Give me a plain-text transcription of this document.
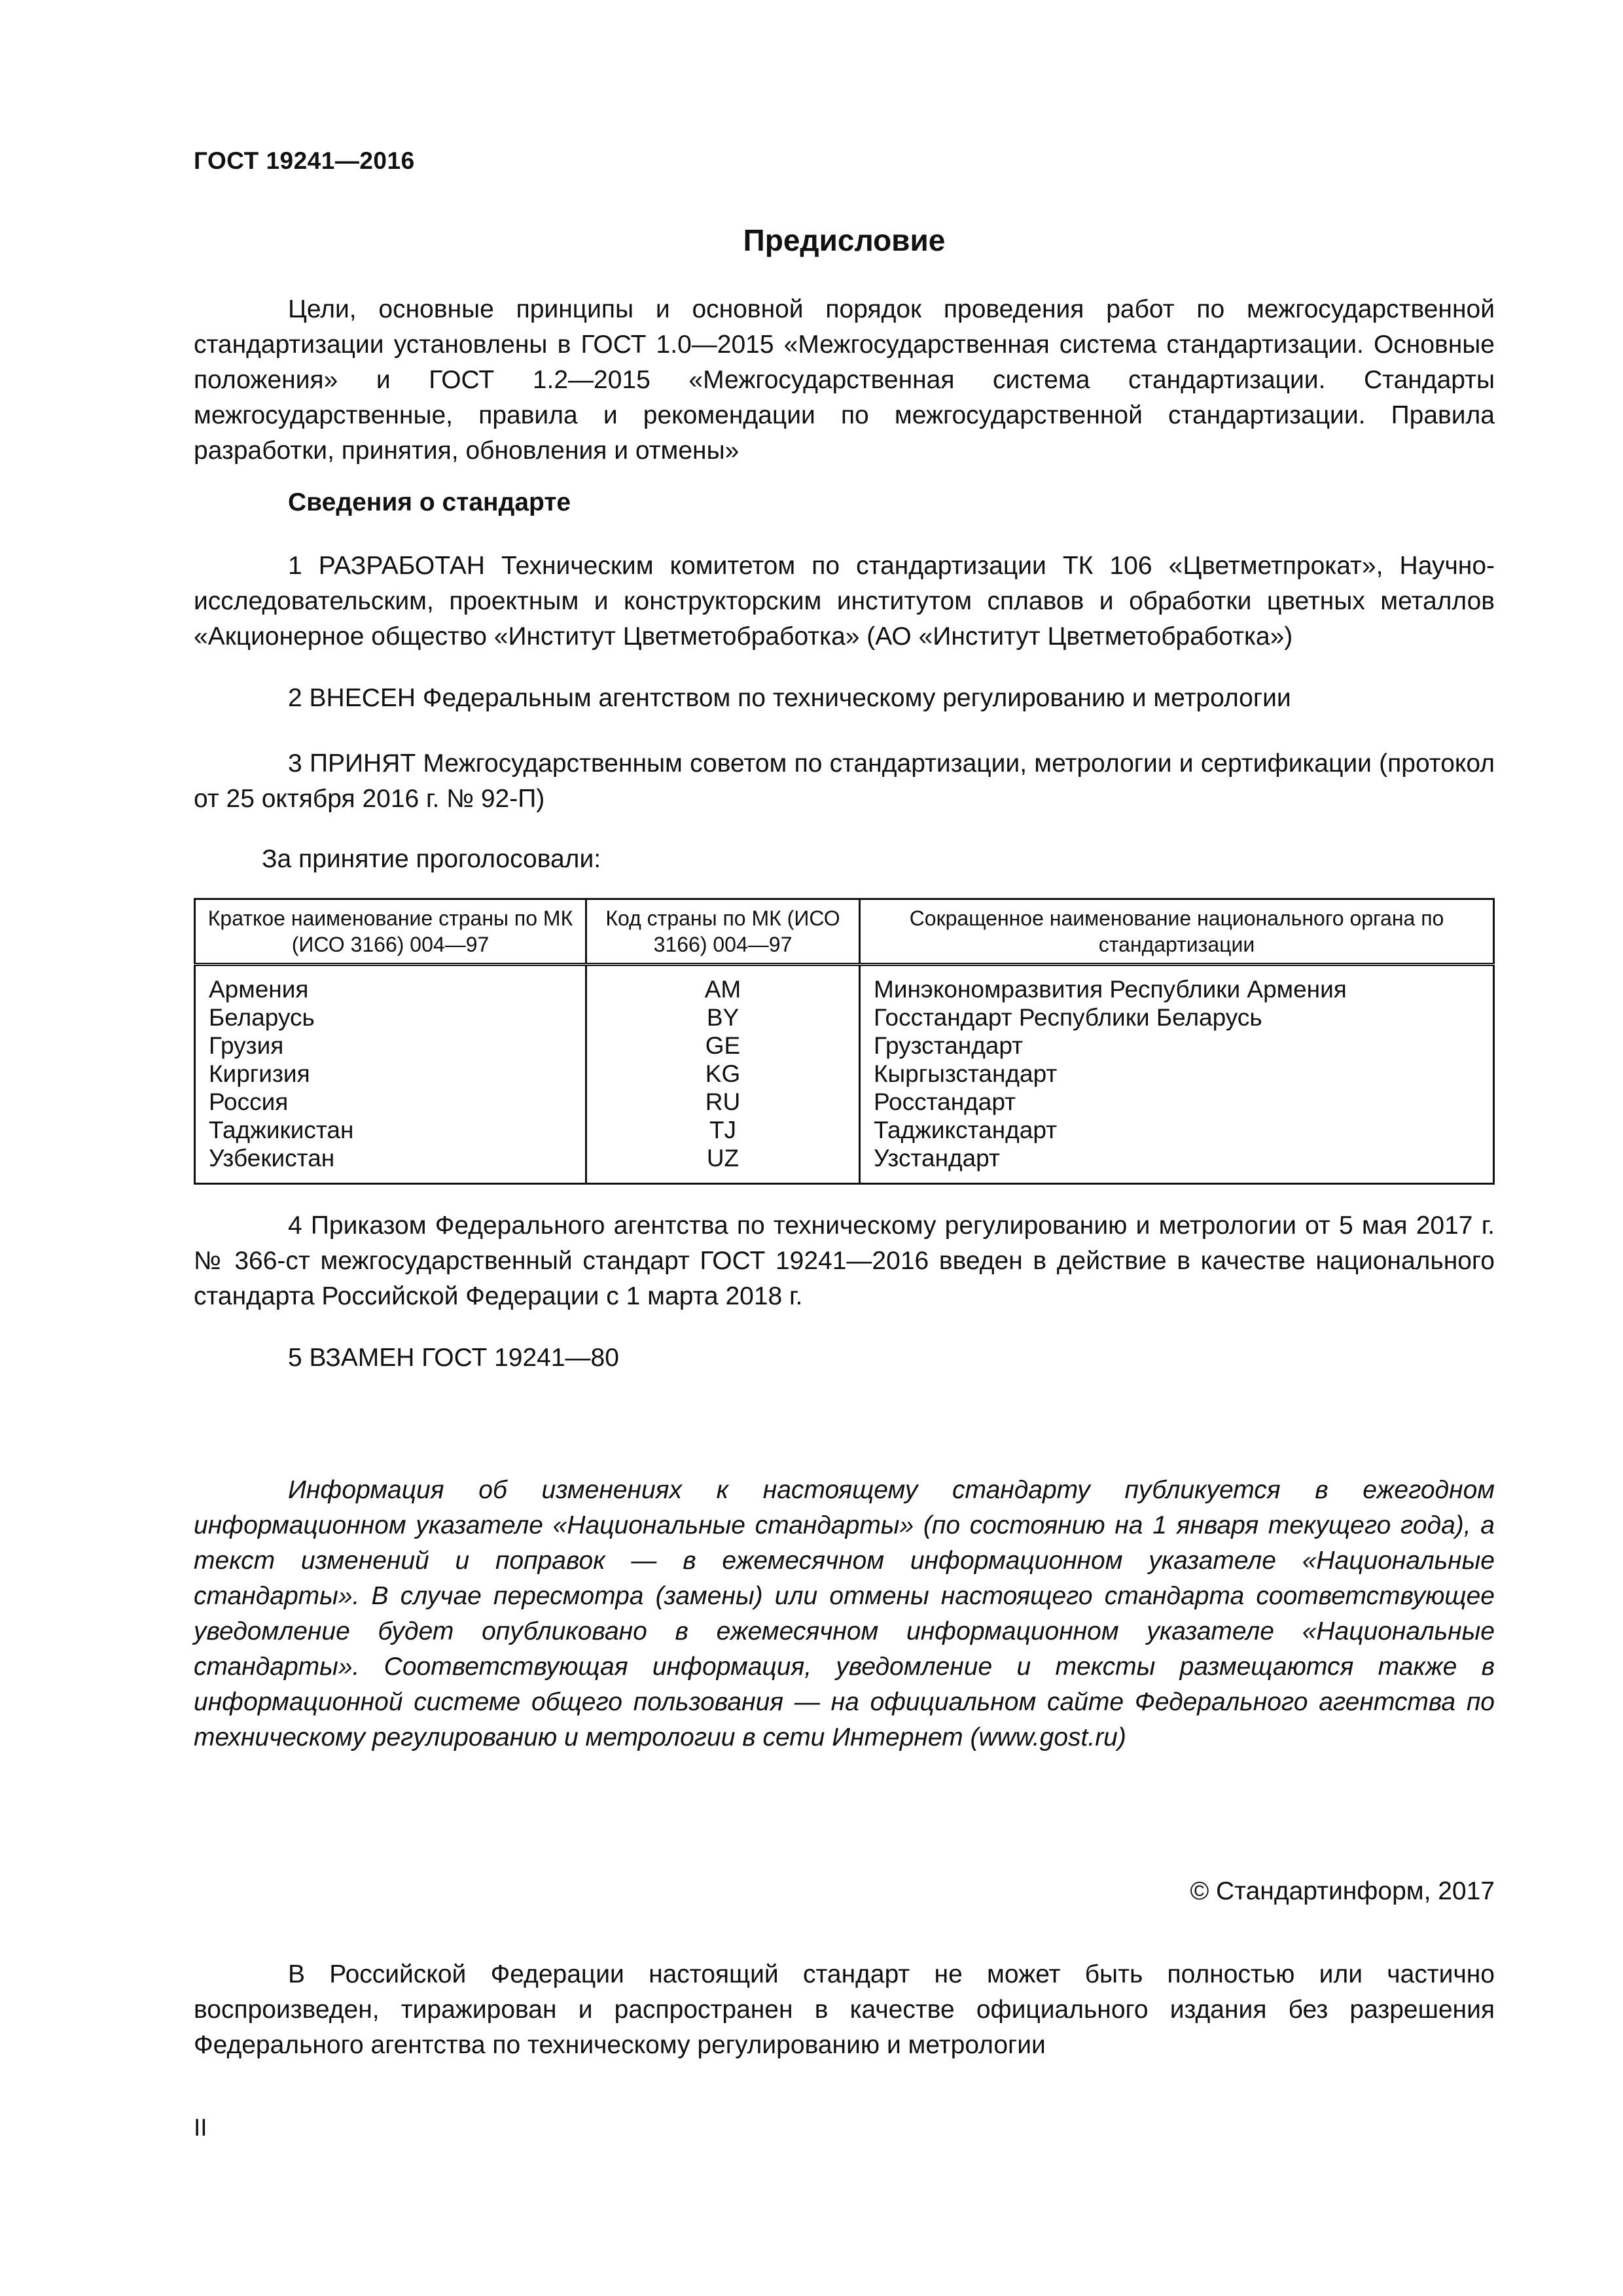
ГОСТ 19241—2016
Предисловие

Цели, основные принципы и основной порядок проведения работ по межгосударственной стандартизации установлены в ГОСТ 1.0—2015 «Межгосударственная система стандартизации. Основные положения» и ГОСТ 1.2—2015 «Межгосударственная система стандартизации. Стандарты межгосударственные, правила и рекомендации по межгосударственной стандартизации. Правила разработки, принятия, обновления и отмены»

Сведения о стандарте

1 РАЗРАБОТАН Техническим комитетом по стандартизации ТК 106 «Цветметпрокат», Научно-исследовательским, проектным и конструкторским институтом сплавов и обработки цветных металлов «Акционерное общество «Институт Цветметобработка» (АО «Институт Цветметобработка»)

2 ВНЕСЕН Федеральным агентством по техническому регулированию и метрологии

3 ПРИНЯТ Межгосударственным советом по стандартизации, метрологии и сертификации (протокол от 25 октября 2016 г. № 92-П)

За принятие проголосовали:
Краткое наименование страны по МК (ИСО 3166) 004—97	Код страны по МК (ИСО 3166) 004—97	Сокращенное наименование национального органа по стандартизации
Армения	AM	Минэкономразвития Республики Армения
Беларусь	BY	Госстандарт Республики Беларусь
Грузия	GE	Грузстандарт
Киргизия	KG	Кыргызстандарт
Россия	RU	Росстандарт
Таджикистан	TJ	Таджикстандарт
Узбекистан	UZ	Узстандарт

4 Приказом Федерального агентства по техническому регулированию и метрологии от 5 мая 2017 г. № 366-ст межгосударственный стандарт ГОСТ 19241—2016 введен в действие в качестве национального стандарта Российской Федерации с 1 марта 2018 г.

5 ВЗАМЕН ГОСТ 19241—80

Информация об изменениях к настоящему стандарту публикуется в ежегодном информационном указателе «Национальные стандарты» (по состоянию на 1 января текущего года), а текст изменений и поправок — в ежемесячном информационном указателе «Национальные стандарты». В случае пересмотра (замены) или отмены настоящего стандарта соответствующее уведомление будет опубликовано в ежемесячном информационном указателе «Национальные стандарты». Соответствующая информация, уведомление и тексты размещаются также в информационной системе общего пользования — на официальном сайте Федерального агентства по техническому регулированию и метрологии в сети Интернет (www.gost.ru)

© Стандартинформ, 2017

В Российской Федерации настоящий стандарт не может быть полностью или частично воспроизведен, тиражирован и распространен в качестве официального издания без разрешения Федерального агентства по техническому регулированию и метрологии

II
